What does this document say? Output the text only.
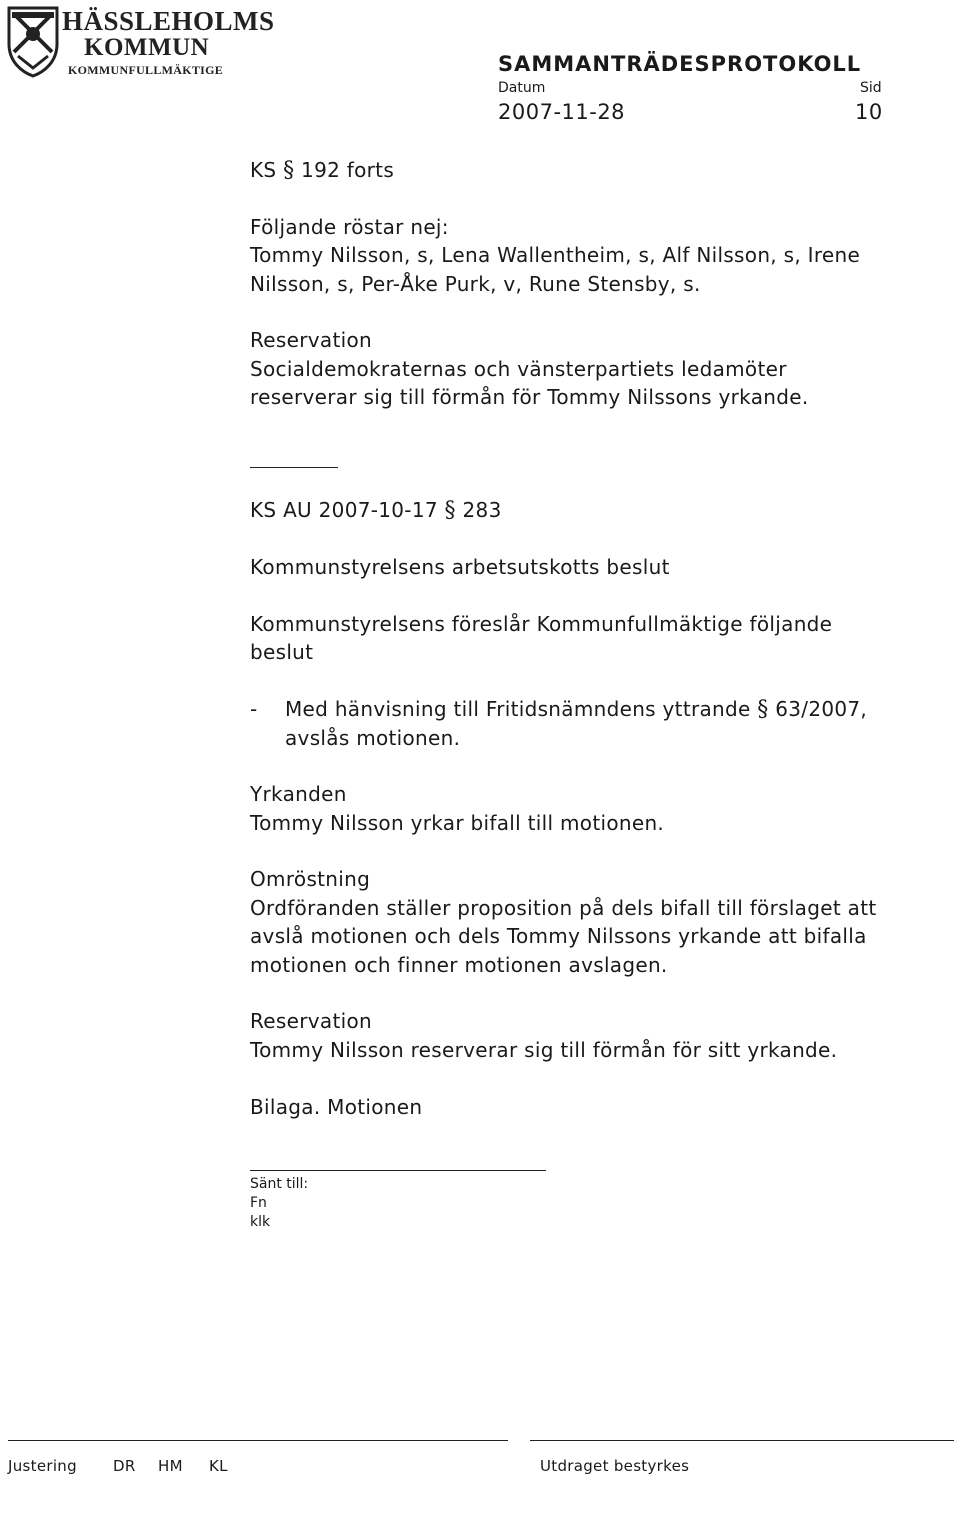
HÄSSLEHOLMS
KOMMUN
KOMMUNFULLMÄKTIGE	SAMMANTRÄDESPROTOKOLL
Datum	Sid
2007-11-28	10
KS § 192 forts
Följande röstar nej:
Tommy Nilsson, s, Lena Wallentheim, s, Alf Nilsson, s, Irene
Nilsson, s, Per-Åke Purk, v, Rune Stensby, s.
Reservation
Socialdemokraternas och vänsterpartiets ledamöter
reserverar sig till förmån för Tommy Nilssons yrkande.
KS AU 2007-10-17 § 283
Kommunstyrelsens arbetsutskotts beslut
Kommunstyrelsens föreslår Kommunfullmäktige följande
beslut
- Med hänvisning till Fritidsnämndens yttrande § 63/2007,
avslås motionen.
Yrkanden
Tommy Nilsson yrkar bifall till motionen.
Omröstning
Ordföranden ställer proposition på dels bifall till förslaget att
avslå motionen och dels Tommy Nilssons yrkande att bifalla
motionen och finner motionen avslagen.
Reservation
Tommy Nilsson reserverar sig till förmån för sitt yrkande.
Bilaga. Motionen
Sänt till:
Fn
klk
Justering DR HM KL	Utdraget bestyrkes
